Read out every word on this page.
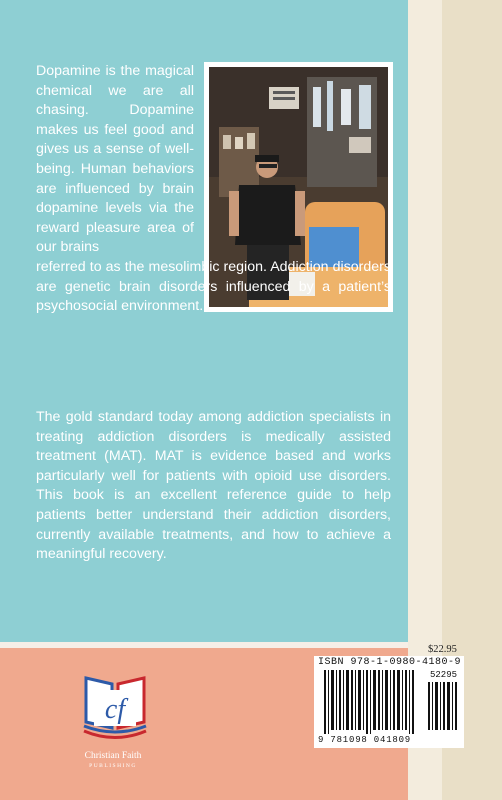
Dopamine is the magical chemical we are all chasing. Dopamine makes us feel good and gives us a sense of well-being. Human behaviors are influenced by brain dopamine levels via the reward pleasure area of our brains
referred to as the mesolimbic region. Addiction disorders are genetic brain disorders influenced by a patient’s psychosocial environment.
The gold standard today among addiction specialists in treating addiction disorders is medically assisted treatment (MAT). MAT is evidence based and works particularly well for patients with opioid use disorders. This book is an excellent reference guide to help patients better understand their addiction disorders, currently available treatments, and how to achieve a meaningful recovery.
cf
Christian Faith
PUBLISHING
$22.95
ISBN 978-1-0980-4180-9
52295
9 781098 041809
